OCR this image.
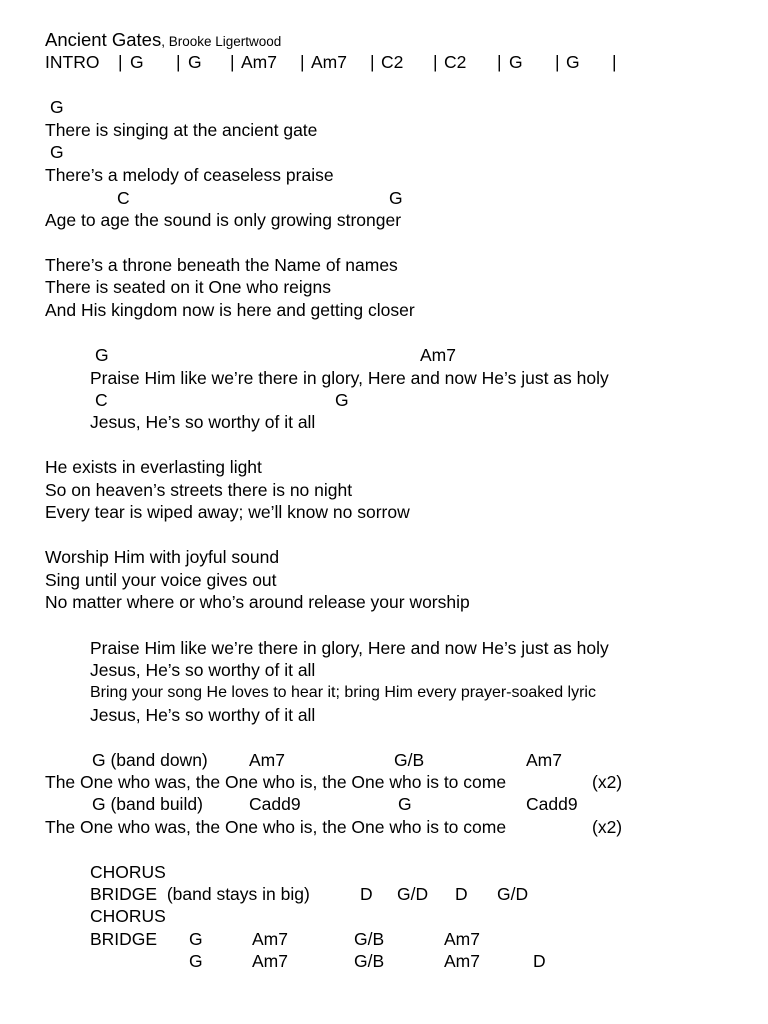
Ancient Gates, Brooke Ligertwood
INTRO | G | G | Am7 | Am7 | C2 | C2 | G | G |
G
There is singing at the ancient gate
G
There’s a melody of ceaseless praise
C	G
Age to age the sound is only growing stronger
There’s a throne beneath the Name of names
There is seated on it One who reigns
And His kingdom now is here and getting closer
G	Am7
Praise Him like we’re there in glory, Here and now He’s just as holy
C	G
Jesus, He’s so worthy of it all
He exists in everlasting light
So on heaven’s streets there is no night
Every tear is wiped away; we’ll know no sorrow
Worship Him with joyful sound
Sing until your voice gives out
No matter where or who’s around release your worship
Praise Him like we’re there in glory, Here and now He’s just as holy
Jesus, He’s so worthy of it all
Bring your song He loves to hear it; bring Him every prayer-soaked lyric
Jesus, He’s so worthy of it all
G (band down) Am7	G/B	Am7
The One who was, the One who is, the One who is to come	(x2)
G (band build)	Cadd9	G	Cadd9
The One who was, the One who is, the One who is to come	(x2)
CHORUS
BRIDGE  (band stays in big)	D G/D D G/D
CHORUS
BRIDGE G	Am7	G/B	Am7
G	Am7	G/B	Am7	D
